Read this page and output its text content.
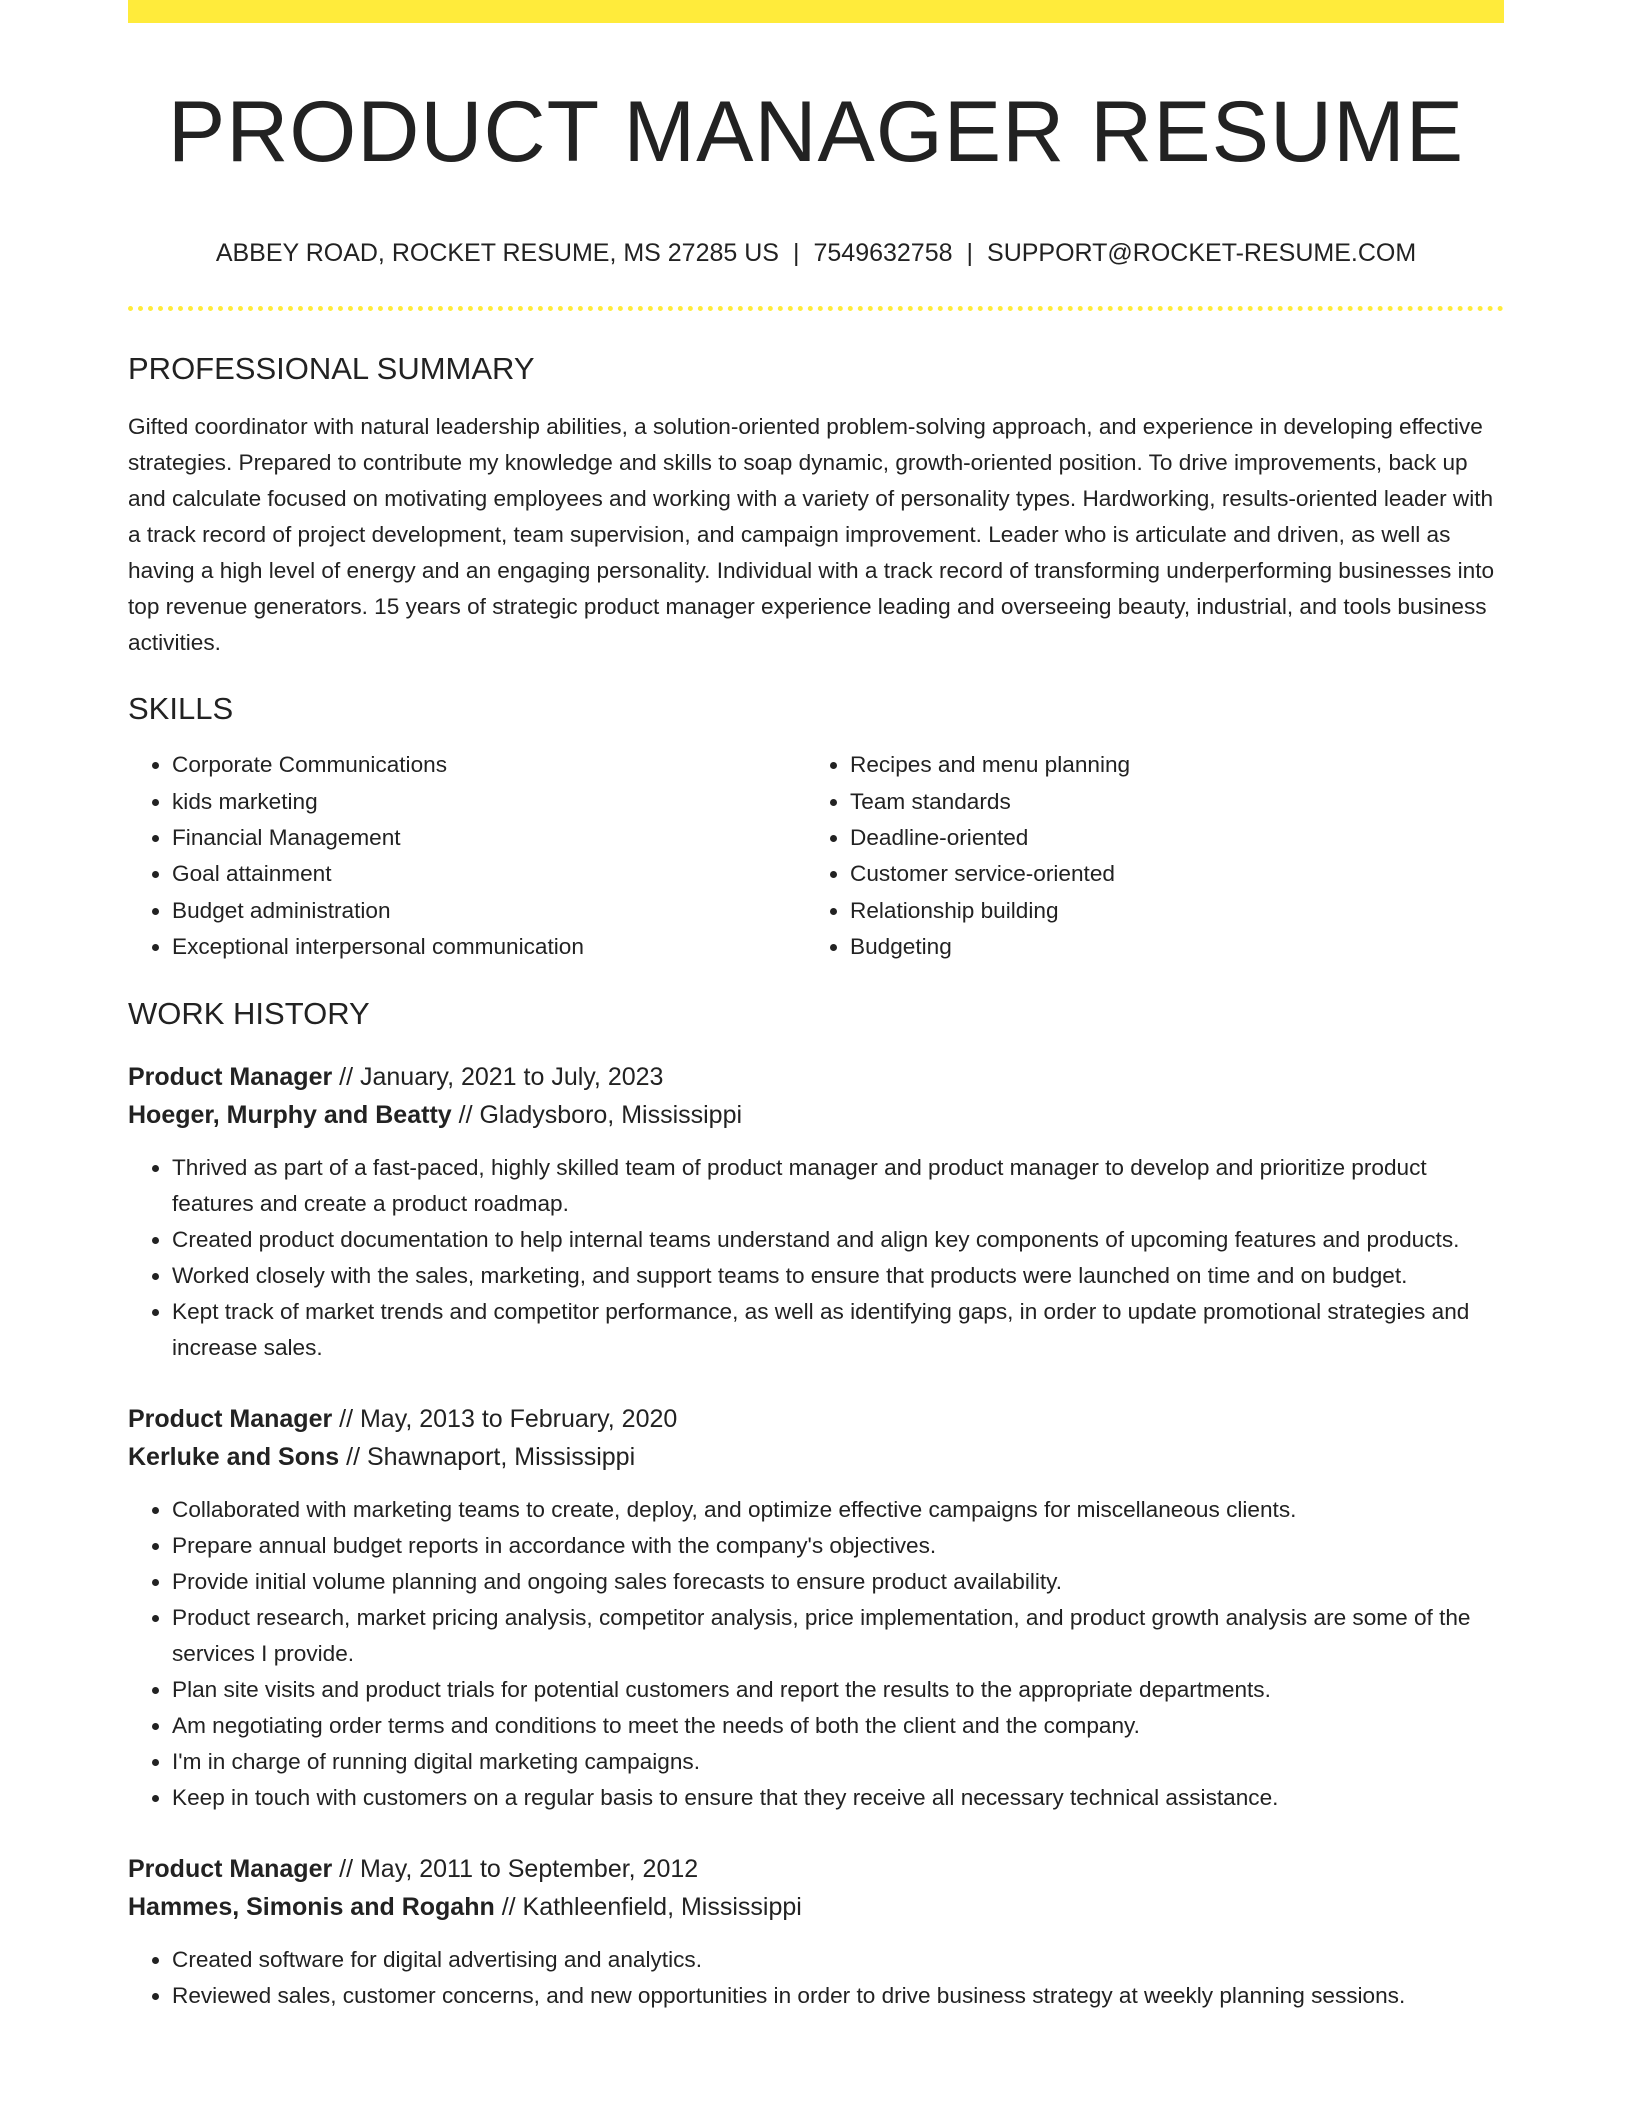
PRODUCT MANAGER RESUME
ABBEY ROAD, ROCKET RESUME, MS 27285 US | 7549632758 | SUPPORT@ROCKET-RESUME.COM
PROFESSIONAL SUMMARY
Gifted coordinator with natural leadership abilities, a solution-oriented problem-solving approach, and experience in developing effective strategies. Prepared to contribute my knowledge and skills to soap dynamic, growth-oriented position. To drive improvements, back up and calculate focused on motivating employees and working with a variety of personality types. Hardworking, results-oriented leader with a track record of project development, team supervision, and campaign improvement. Leader who is articulate and driven, as well as having a high level of energy and an engaging personality. Individual with a track record of transforming underperforming businesses into top revenue generators. 15 years of strategic product manager experience leading and overseeing beauty, industrial, and tools business activities.
SKILLS
• Corporate Communications
• kids marketing
• Financial Management
• Goal attainment
• Budget administration
• Exceptional interpersonal communication
• Recipes and menu planning
• Team standards
• Deadline-oriented
• Customer service-oriented
• Relationship building
• Budgeting
WORK HISTORY
Product Manager // January, 2021 to July, 2023
Hoeger, Murphy and Beatty // Gladysboro, Mississippi
• Thrived as part of a fast-paced, highly skilled team of product manager and product manager to develop and prioritize product features and create a product roadmap.
• Created product documentation to help internal teams understand and align key components of upcoming features and products.
• Worked closely with the sales, marketing, and support teams to ensure that products were launched on time and on budget.
• Kept track of market trends and competitor performance, as well as identifying gaps, in order to update promotional strategies and increase sales.
Product Manager // May, 2013 to February, 2020
Kerluke and Sons // Shawnaport, Mississippi
• Collaborated with marketing teams to create, deploy, and optimize effective campaigns for miscellaneous clients.
• Prepare annual budget reports in accordance with the company's objectives.
• Provide initial volume planning and ongoing sales forecasts to ensure product availability.
• Product research, market pricing analysis, competitor analysis, price implementation, and product growth analysis are some of the services I provide.
• Plan site visits and product trials for potential customers and report the results to the appropriate departments.
• Am negotiating order terms and conditions to meet the needs of both the client and the company.
• I'm in charge of running digital marketing campaigns.
• Keep in touch with customers on a regular basis to ensure that they receive all necessary technical assistance.
Product Manager // May, 2011 to September, 2012
Hammes, Simonis and Rogahn // Kathleenfield, Mississippi
• Created software for digital advertising and analytics.
• Reviewed sales, customer concerns, and new opportunities in order to drive business strategy at weekly planning sessions.
